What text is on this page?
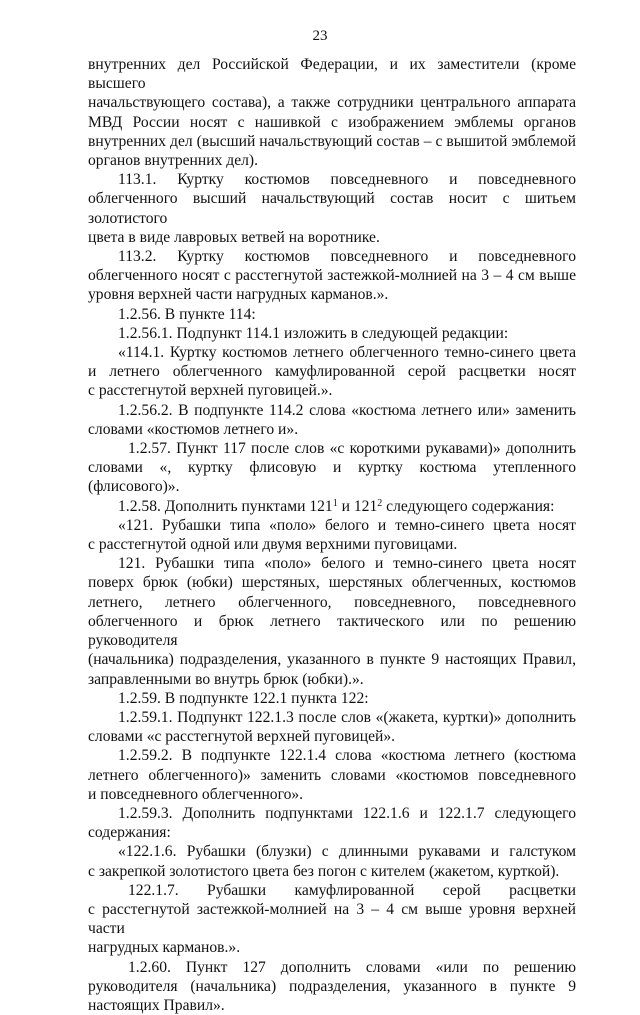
23
внутренних дел Российской Федерации, и их заместители (кроме высшего
начальствующего состава), а также сотрудники центрального аппарата
МВД России носят с нашивкой с изображением эмблемы органов
внутренних дел (высший начальствующий состав – с вышитой эмблемой
органов внутренних дел).
113.1. Куртку костюмов повседневного и повседневного
облегченного высший начальствующий состав носит с шитьем золотистого
цвета в виде лавровых ветвей на воротнике.
113.2. Куртку костюмов повседневного и повседневного
облегченного носят с расстегнутой застежкой-молнией на 3 – 4 см выше
уровня верхней части нагрудных карманов.».
1.2.56. В пункте 114:
1.2.56.1. Подпункт 114.1 изложить в следующей редакции:
«114.1. Куртку костюмов летнего облегченного темно-синего цвета
и летнего облегченного камуфлированной серой расцветки носят
с расстегнутой верхней пуговицей.».
1.2.56.2. В подпункте 114.2 слова «костюма летнего или» заменить
словами «костюмов летнего и».
1.2.57. Пункт 117 после слов «с короткими рукавами)» дополнить
словами «, куртку флисовую и куртку костюма утепленного (флисового)».
1.2.58. Дополнить пунктами $121^1$ и $121^2$ следующего содержания:
«121. Рубашки типа «поло» белого и темно-синего цвета носят
с расстегнутой одной или двумя верхними пуговицами.
121. Рубашки типа «поло» белого и темно-синего цвета носят
поверх брюк (юбки) шерстяных, шерстяных облегченных, костюмов
летнего, летнего облегченного, повседневного, повседневного
облегченного и брюк летнего тактического или по решению руководителя
(начальника) подразделения, указанного в пункте 9 настоящих Правил,
заправленными во внутрь брюк (юбки).».
1.2.59. В подпункте 122.1 пункта 122:
1.2.59.1. Подпункт 122.1.3 после слов «(жакета, куртки)» дополнить
словами «с расстегнутой верхней пуговицей».
1.2.59.2. В подпункте 122.1.4 слова «костюма летнего (костюма
летнего облегченного)» заменить словами «костюмов повседневного
и повседневного облегченного».
1.2.59.3. Дополнить подпунктами 122.1.6 и 122.1.7 следующего
содержания:
«122.1.6. Рубашки (блузки) с длинными рукавами и галстуком
с закрепкой золотистого цвета без погон с кителем (жакетом, курткой).
122.1.7. Рубашки камуфлированной серой расцветки
с расстегнутой застежкой-молнией на 3 – 4 см выше уровня верхней части
нагрудных карманов.».
1.2.60. Пункт 127 дополнить словами «или по решению
руководителя (начальника) подразделения, указанного в пункте 9
настоящих Правил».
